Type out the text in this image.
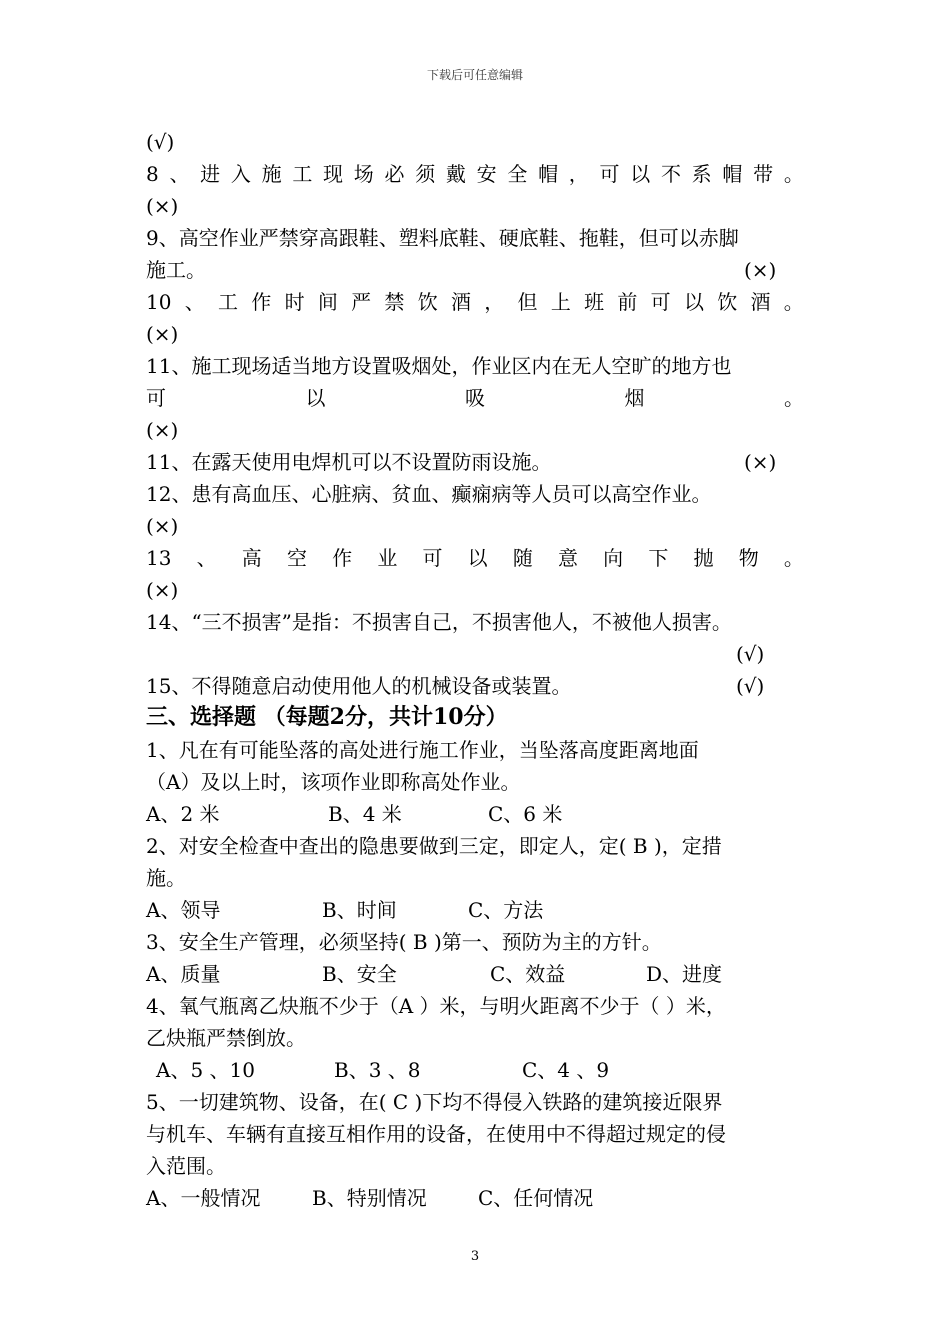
下载后可任意编辑
(√)
8 、 进 入 施 工 现 场 必 须 戴 安 全 帽 ， 可 以 不 系 帽 带 。
(×)
9、高空作业严禁穿高跟鞋、塑料底鞋、硬底鞋、拖鞋，但可以赤脚
施工。	(×)
10 、 工 作 时 间 严 禁 饮 酒 ， 但 上 班 前 可 以 饮 酒 。
(×)
11、施工现场适当地方设置吸烟处，作业区内在无人空旷的地方也
可	以	吸	烟	。
(×)
11、在露天使用电焊机可以不设置防雨设施。	(×)
12、患有高血压、心脏病、贫血、癫痫病等人员可以高空作业。
(×)
13 、 高 空 作 业 可 以 随 意 向 下 抛 物 。
(×)
14、“三不损害”是指：不损害自己，不损害他人，不被他人损害。
(√)
15、不得随意启动使用他人的机械设备或装置。	(√)
三、选择题 （每题2分，共计10分）
1、凡在有可能坠落的高处进行施工作业，当坠落高度距离地面
（A）及以上时，该项作业即称高处作业。
A、2 米	B、4 米	C、6 米
2、对安全检查中查出的隐患要做到三定，即定人，定( B )，定措
施。
A、领导	B、时间	C、方法
3、安全生产管理，必须坚持( B )第一、预防为主的方针。
A、质量	B、安全	C、效益	D、进度
4、氧气瓶离乙炔瓶不少于（A ）米，与明火距离不少于（ ）米，
乙炔瓶严禁倒放。
A、5 、10	B、3 、8	C、4 、9
5、一切建筑物、设备，在( C )下均不得侵入铁路的建筑接近限界
与机车、车辆有直接互相作用的设备，在使用中不得超过规定的侵
入范围。
A、一般情况	B、特别情况	C、任何情况
3
